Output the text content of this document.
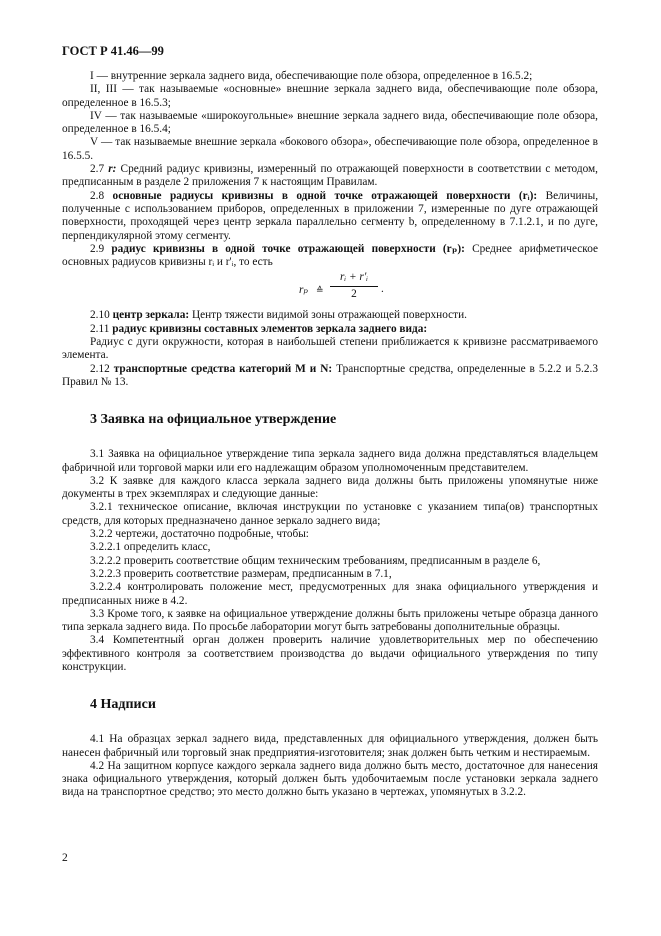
ГОСТ Р 41.46—99

I — внутренние зеркала заднего вида, обеспечивающие поле обзора, определенное в 16.5.2;

II, III — так называемые «основные» внешние зеркала заднего вида, обеспечивающие поле обзора, определенное в 16.5.3;

IV — так называемые «широкоугольные» внешние зеркала заднего вида, обеспечивающие поле обзора, определенное в 16.5.4;

V — так называемые внешние зеркала «бокового обзора», обеспечивающие поле обзора, определенное в 16.5.5.

2.7 r: Средний радиус кривизны, измеренный по отражающей поверхности в соответствии с методом, предписанным в разделе 2 приложения 7 к настоящим Правилам.

2.8 основные радиусы кривизны в одной точке отражающей поверхности (rᵢ): Величины, полученные с использованием приборов, определенных в приложении 7, измеренные по дуге отражающей поверхности, проходящей через центр зеркала параллельно сегменту b, определенному в 7.1.2.1, и по дуге, перпендикулярной этому сегменту.

2.9 радиус кривизны в одной точке отражающей поверхности (rₚ): Среднее арифметическое основных радиусов кривизны rᵢ и r'ᵢ, то есть

rₚ ≙ $\frac{\text{rᵢ + r'ᵢ}}{2}$ .

2.10 центр зеркала: Центр тяжести видимой зоны отражающей поверхности.

2.11 радиус кривизны составных элементов зеркала заднего вида:

Радиус c дуги окружности, которая в наибольшей степени приближается к кривизне рассматриваемого элемента.

2.12 транспортные средства категорий M и N: Транспортные средства, определенные в 5.2.2 и 5.2.3 Правил № 13.

3 Заявка на официальное утверждение

3.1 Заявка на официальное утверждение типа зеркала заднего вида должна представляться владельцем фабричной или торговой марки или его надлежащим образом уполномоченным представителем.

3.2 К заявке для каждого класса зеркала заднего вида должны быть приложены упомянутые ниже документы в трех экземплярах и следующие данные:

3.2.1 техническое описание, включая инструкции по установке с указанием типа(ов) транспортных средств, для которых предназначено данное зеркало заднего вида;

3.2.2 чертежи, достаточно подробные, чтобы:

3.2.2.1 определить класс,

3.2.2.2 проверить соответствие общим техническим требованиям, предписанным в разделе 6,

3.2.2.3 проверить соответствие размерам, предписанным в 7.1,

3.2.2.4 контролировать положение мест, предусмотренных для знака официального утверждения и предписанных ниже в 4.2.

3.3 Кроме того, к заявке на официальное утверждение должны быть приложены четыре образца данного типа зеркала заднего вида. По просьбе лаборатории могут быть затребованы дополнительные образцы.

3.4 Компетентный орган должен проверить наличие удовлетворительных мер по обеспечению эффективного контроля за соответствием производства до выдачи официального утверждения по типу конструкции.

4 Надписи

4.1 На образцах зеркал заднего вида, представленных для официального утверждения, должен быть нанесен фабричный или торговый знак предприятия-изготовителя; знак должен быть четким и нестираемым.

4.2 На защитном корпусе каждого зеркала заднего вида должно быть место, достаточное для нанесения знака официального утверждения, который должен быть удобочитаемым после установки зеркала заднего вида на транспортное средство; это место должно быть указано в чертежах, упомянутых в 3.2.2.

2
